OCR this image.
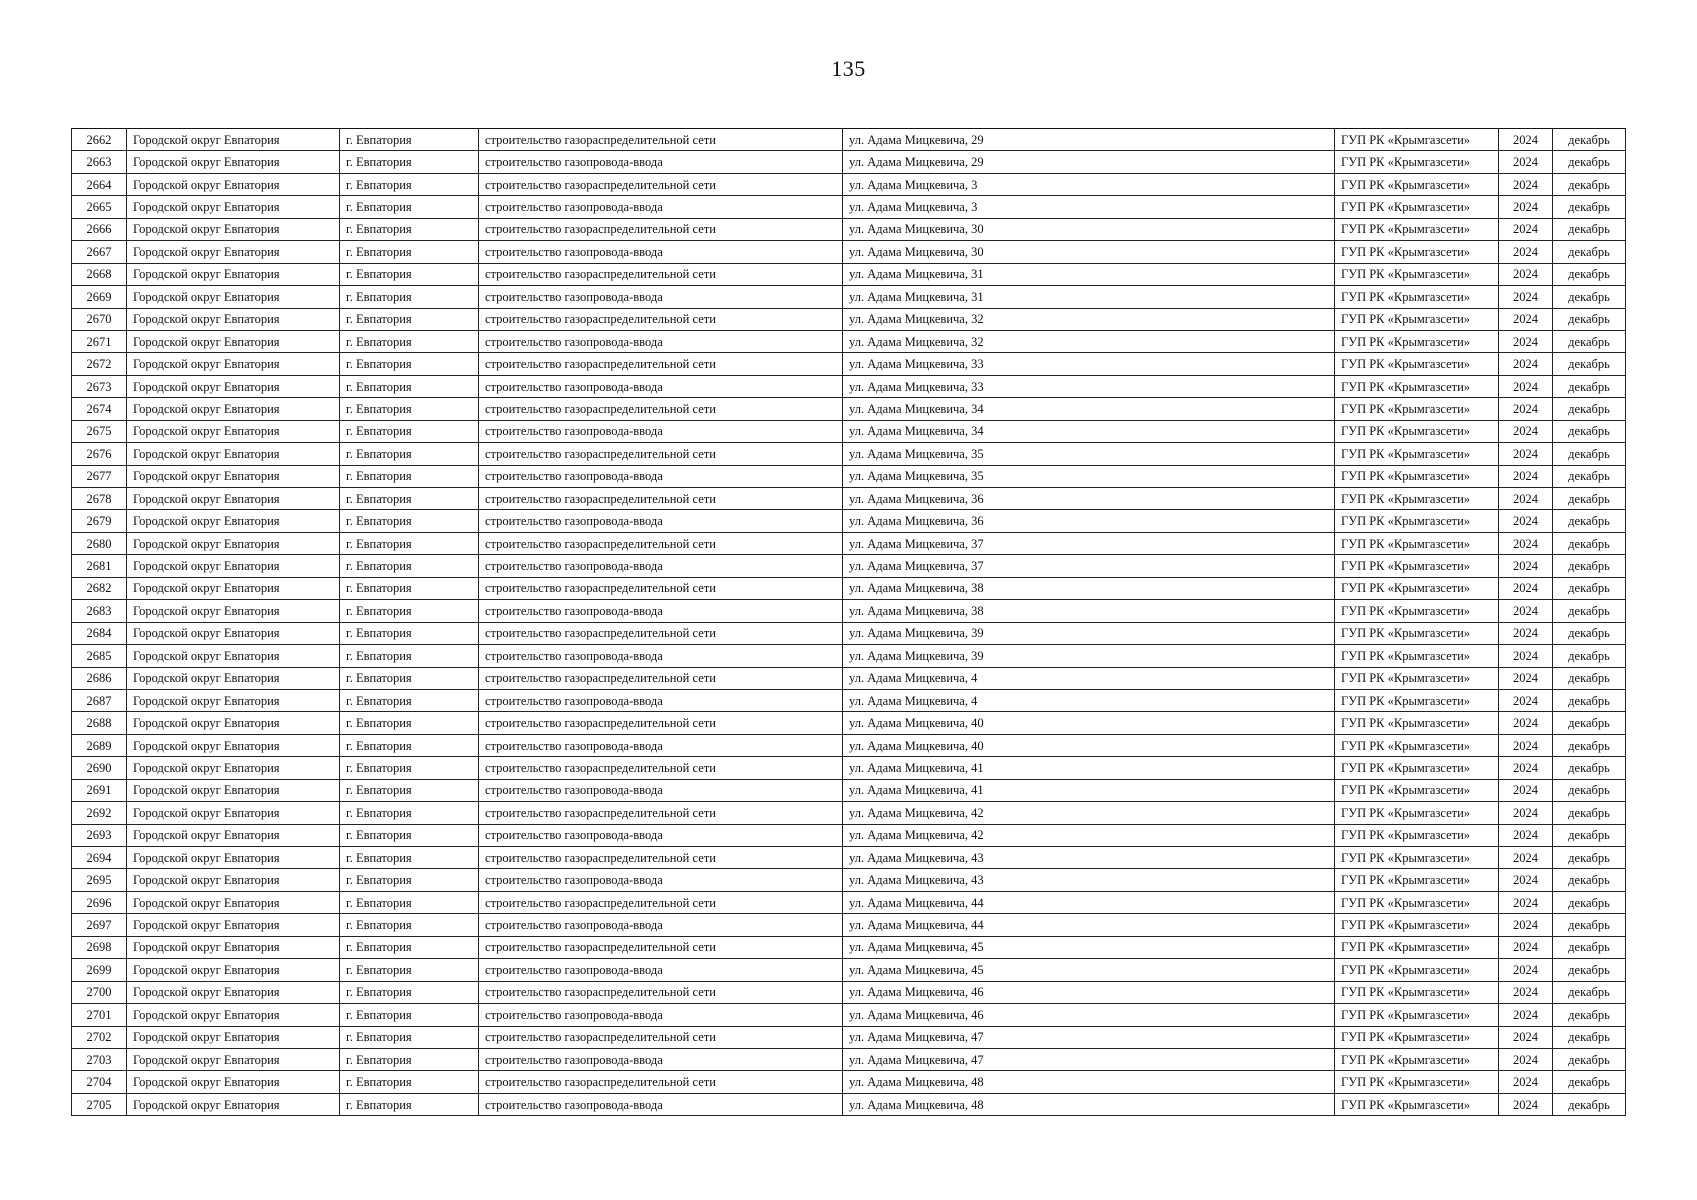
135
2662	Городской округ Евпатория	г. Евпатория	строительство газораспределительной сети	ул. Адама Мицкевича, 29	ГУП РК «Крымгазсети»	2024	декабрь
2663	Городской округ Евпатория	г. Евпатория	строительство газопровода-ввода	ул. Адама Мицкевича, 29	ГУП РК «Крымгазсети»	2024	декабрь
2664	Городской округ Евпатория	г. Евпатория	строительство газораспределительной сети	ул. Адама Мицкевича, 3	ГУП РК «Крымгазсети»	2024	декабрь
2665	Городской округ Евпатория	г. Евпатория	строительство газопровода-ввода	ул. Адама Мицкевича, 3	ГУП РК «Крымгазсети»	2024	декабрь
2666	Городской округ Евпатория	г. Евпатория	строительство газораспределительной сети	ул. Адама Мицкевича, 30	ГУП РК «Крымгазсети»	2024	декабрь
2667	Городской округ Евпатория	г. Евпатория	строительство газопровода-ввода	ул. Адама Мицкевича, 30	ГУП РК «Крымгазсети»	2024	декабрь
2668	Городской округ Евпатория	г. Евпатория	строительство газораспределительной сети	ул. Адама Мицкевича, 31	ГУП РК «Крымгазсети»	2024	декабрь
2669	Городской округ Евпатория	г. Евпатория	строительство газопровода-ввода	ул. Адама Мицкевича, 31	ГУП РК «Крымгазсети»	2024	декабрь
2670	Городской округ Евпатория	г. Евпатория	строительство газораспределительной сети	ул. Адама Мицкевича, 32	ГУП РК «Крымгазсети»	2024	декабрь
2671	Городской округ Евпатория	г. Евпатория	строительство газопровода-ввода	ул. Адама Мицкевича, 32	ГУП РК «Крымгазсети»	2024	декабрь
2672	Городской округ Евпатория	г. Евпатория	строительство газораспределительной сети	ул. Адама Мицкевича, 33	ГУП РК «Крымгазсети»	2024	декабрь
2673	Городской округ Евпатория	г. Евпатория	строительство газопровода-ввода	ул. Адама Мицкевича, 33	ГУП РК «Крымгазсети»	2024	декабрь
2674	Городской округ Евпатория	г. Евпатория	строительство газораспределительной сети	ул. Адама Мицкевича, 34	ГУП РК «Крымгазсети»	2024	декабрь
2675	Городской округ Евпатория	г. Евпатория	строительство газопровода-ввода	ул. Адама Мицкевича, 34	ГУП РК «Крымгазсети»	2024	декабрь
2676	Городской округ Евпатория	г. Евпатория	строительство газораспределительной сети	ул. Адама Мицкевича, 35	ГУП РК «Крымгазсети»	2024	декабрь
2677	Городской округ Евпатория	г. Евпатория	строительство газопровода-ввода	ул. Адама Мицкевича, 35	ГУП РК «Крымгазсети»	2024	декабрь
2678	Городской округ Евпатория	г. Евпатория	строительство газораспределительной сети	ул. Адама Мицкевича, 36	ГУП РК «Крымгазсети»	2024	декабрь
2679	Городской округ Евпатория	г. Евпатория	строительство газопровода-ввода	ул. Адама Мицкевича, 36	ГУП РК «Крымгазсети»	2024	декабрь
2680	Городской округ Евпатория	г. Евпатория	строительство газораспределительной сети	ул. Адама Мицкевича, 37	ГУП РК «Крымгазсети»	2024	декабрь
2681	Городской округ Евпатория	г. Евпатория	строительство газопровода-ввода	ул. Адама Мицкевича, 37	ГУП РК «Крымгазсети»	2024	декабрь
2682	Городской округ Евпатория	г. Евпатория	строительство газораспределительной сети	ул. Адама Мицкевича, 38	ГУП РК «Крымгазсети»	2024	декабрь
2683	Городской округ Евпатория	г. Евпатория	строительство газопровода-ввода	ул. Адама Мицкевича, 38	ГУП РК «Крымгазсети»	2024	декабрь
2684	Городской округ Евпатория	г. Евпатория	строительство газораспределительной сети	ул. Адама Мицкевича, 39	ГУП РК «Крымгазсети»	2024	декабрь
2685	Городской округ Евпатория	г. Евпатория	строительство газопровода-ввода	ул. Адама Мицкевича, 39	ГУП РК «Крымгазсети»	2024	декабрь
2686	Городской округ Евпатория	г. Евпатория	строительство газораспределительной сети	ул. Адама Мицкевича, 4	ГУП РК «Крымгазсети»	2024	декабрь
2687	Городской округ Евпатория	г. Евпатория	строительство газопровода-ввода	ул. Адама Мицкевича, 4	ГУП РК «Крымгазсети»	2024	декабрь
2688	Городской округ Евпатория	г. Евпатория	строительство газораспределительной сети	ул. Адама Мицкевича, 40	ГУП РК «Крымгазсети»	2024	декабрь
2689	Городской округ Евпатория	г. Евпатория	строительство газопровода-ввода	ул. Адама Мицкевича, 40	ГУП РК «Крымгазсети»	2024	декабрь
2690	Городской округ Евпатория	г. Евпатория	строительство газораспределительной сети	ул. Адама Мицкевича, 41	ГУП РК «Крымгазсети»	2024	декабрь
2691	Городской округ Евпатория	г. Евпатория	строительство газопровода-ввода	ул. Адама Мицкевича, 41	ГУП РК «Крымгазсети»	2024	декабрь
2692	Городской округ Евпатория	г. Евпатория	строительство газораспределительной сети	ул. Адама Мицкевича, 42	ГУП РК «Крымгазсети»	2024	декабрь
2693	Городской округ Евпатория	г. Евпатория	строительство газопровода-ввода	ул. Адама Мицкевича, 42	ГУП РК «Крымгазсети»	2024	декабрь
2694	Городской округ Евпатория	г. Евпатория	строительство газораспределительной сети	ул. Адама Мицкевича, 43	ГУП РК «Крымгазсети»	2024	декабрь
2695	Городской округ Евпатория	г. Евпатория	строительство газопровода-ввода	ул. Адама Мицкевича, 43	ГУП РК «Крымгазсети»	2024	декабрь
2696	Городской округ Евпатория	г. Евпатория	строительство газораспределительной сети	ул. Адама Мицкевича, 44	ГУП РК «Крымгазсети»	2024	декабрь
2697	Городской округ Евпатория	г. Евпатория	строительство газопровода-ввода	ул. Адама Мицкевича, 44	ГУП РК «Крымгазсети»	2024	декабрь
2698	Городской округ Евпатория	г. Евпатория	строительство газораспределительной сети	ул. Адама Мицкевича, 45	ГУП РК «Крымгазсети»	2024	декабрь
2699	Городской округ Евпатория	г. Евпатория	строительство газопровода-ввода	ул. Адама Мицкевича, 45	ГУП РК «Крымгазсети»	2024	декабрь
2700	Городской округ Евпатория	г. Евпатория	строительство газораспределительной сети	ул. Адама Мицкевича, 46	ГУП РК «Крымгазсети»	2024	декабрь
2701	Городской округ Евпатория	г. Евпатория	строительство газопровода-ввода	ул. Адама Мицкевича, 46	ГУП РК «Крымгазсети»	2024	декабрь
2702	Городской округ Евпатория	г. Евпатория	строительство газораспределительной сети	ул. Адама Мицкевича, 47	ГУП РК «Крымгазсети»	2024	декабрь
2703	Городской округ Евпатория	г. Евпатория	строительство газопровода-ввода	ул. Адама Мицкевича, 47	ГУП РК «Крымгазсети»	2024	декабрь
2704	Городской округ Евпатория	г. Евпатория	строительство газораспределительной сети	ул. Адама Мицкевича, 48	ГУП РК «Крымгазсети»	2024	декабрь
2705	Городской округ Евпатория	г. Евпатория	строительство газопровода-ввода	ул. Адама Мицкевича, 48	ГУП РК «Крымгазсети»	2024	декабрь
